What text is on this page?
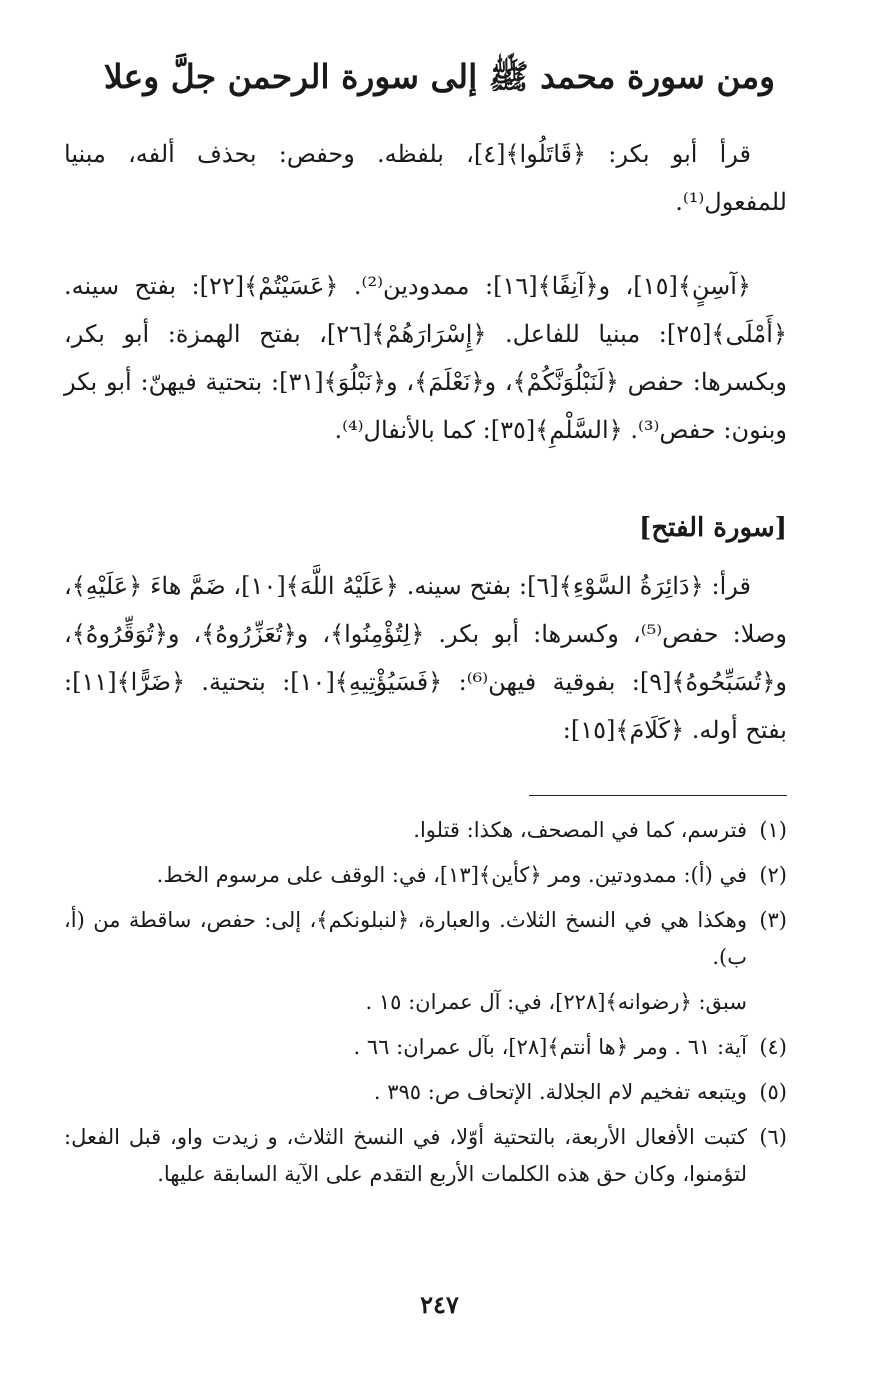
ومن سورة محمد ﷺ إلى سورة الرحمن جلَّ وعلا

قرأ أبو بكر: ﴿قَاتَلُوا﴾[٤]، بلفظه. وحفص: بحذف ألفه، مبنيا للمفعول⁽¹⁾.

﴿آسِنٍ﴾[١٥]، و﴿آنِفًا﴾[١٦]: ممدودين⁽²⁾. ﴿عَسَيْتُمْ﴾[٢٢]: بفتح سينه. ﴿أَمْلَى﴾[٢٥]: مبنيا للفاعل. ﴿إِسْرَارَهُمْ﴾[٢٦]، بفتح الهمزة: أبو بكر، وبكسرها: حفص ﴿لَنَبْلُوَنَّكُمْ﴾، و﴿نَعْلَمَ﴾، و﴿نَبْلُوَ﴾[٣١]: بتحتية فيهنّ: أبو بكر وبنون: حفص⁽³⁾. ﴿السَّلْمِ﴾[٣٥]: كما بالأنفال⁽⁴⁾.

[سورة الفتح]

قرأ: ﴿دَائِرَةُ السَّوْءِ﴾[٦]: بفتح سينه. ﴿عَلَيْهُ اللَّهَ﴾[١٠]، ضَمَّ هاءَ ﴿عَلَيْهِ﴾، وصلا: حفص⁽⁵⁾، وكسرها: أبو بكر. ﴿لِتُؤْمِنُوا﴾، و﴿تُعَزِّرُوهُ﴾، و﴿تُوَقِّرُوهُ﴾، و﴿تُسَبِّحُوهُ﴾[٩]: بفوقية فيهن⁽⁶⁾: ﴿فَسَيُؤْتِيهِ﴾[١٠]: بتحتية. ﴿ضَرًّا﴾[١١]: بفتح أوله. ﴿كَلَامَ﴾[١٥]:

(١)فترسم، كما في المصحف، هكذا: قتلوا.

(٢)في (أ): ممدودتين. ومر ﴿كأين﴾[١٣]، في: الوقف على مرسوم الخط.

(٣)وهكذا هي في النسخ الثلاث. والعبارة، ﴿لنبلونكم﴾، إلى: حفص، ساقطة من (أ، ب).

سبق: ﴿رضوانه﴾[٢٢٨]، في: آل عمران: ١٥ .

(٤)آية: ٦١ . ومر ﴿ها أنتم﴾[٢٨]، بآل عمران: ٦٦ .

(٥)ويتبعه تفخيم لام الجلالة. الإتحاف ص: ٣٩٥ .

(٦)كتبت الأفعال الأربعة، بالتحتية أوّلا، في النسخ الثلاث، و زيدت واو، قبل الفعل: لتؤمنوا، وكان حق هذه الكلمات الأربع التقدم على الآية السابقة عليها.

٢٤٧
